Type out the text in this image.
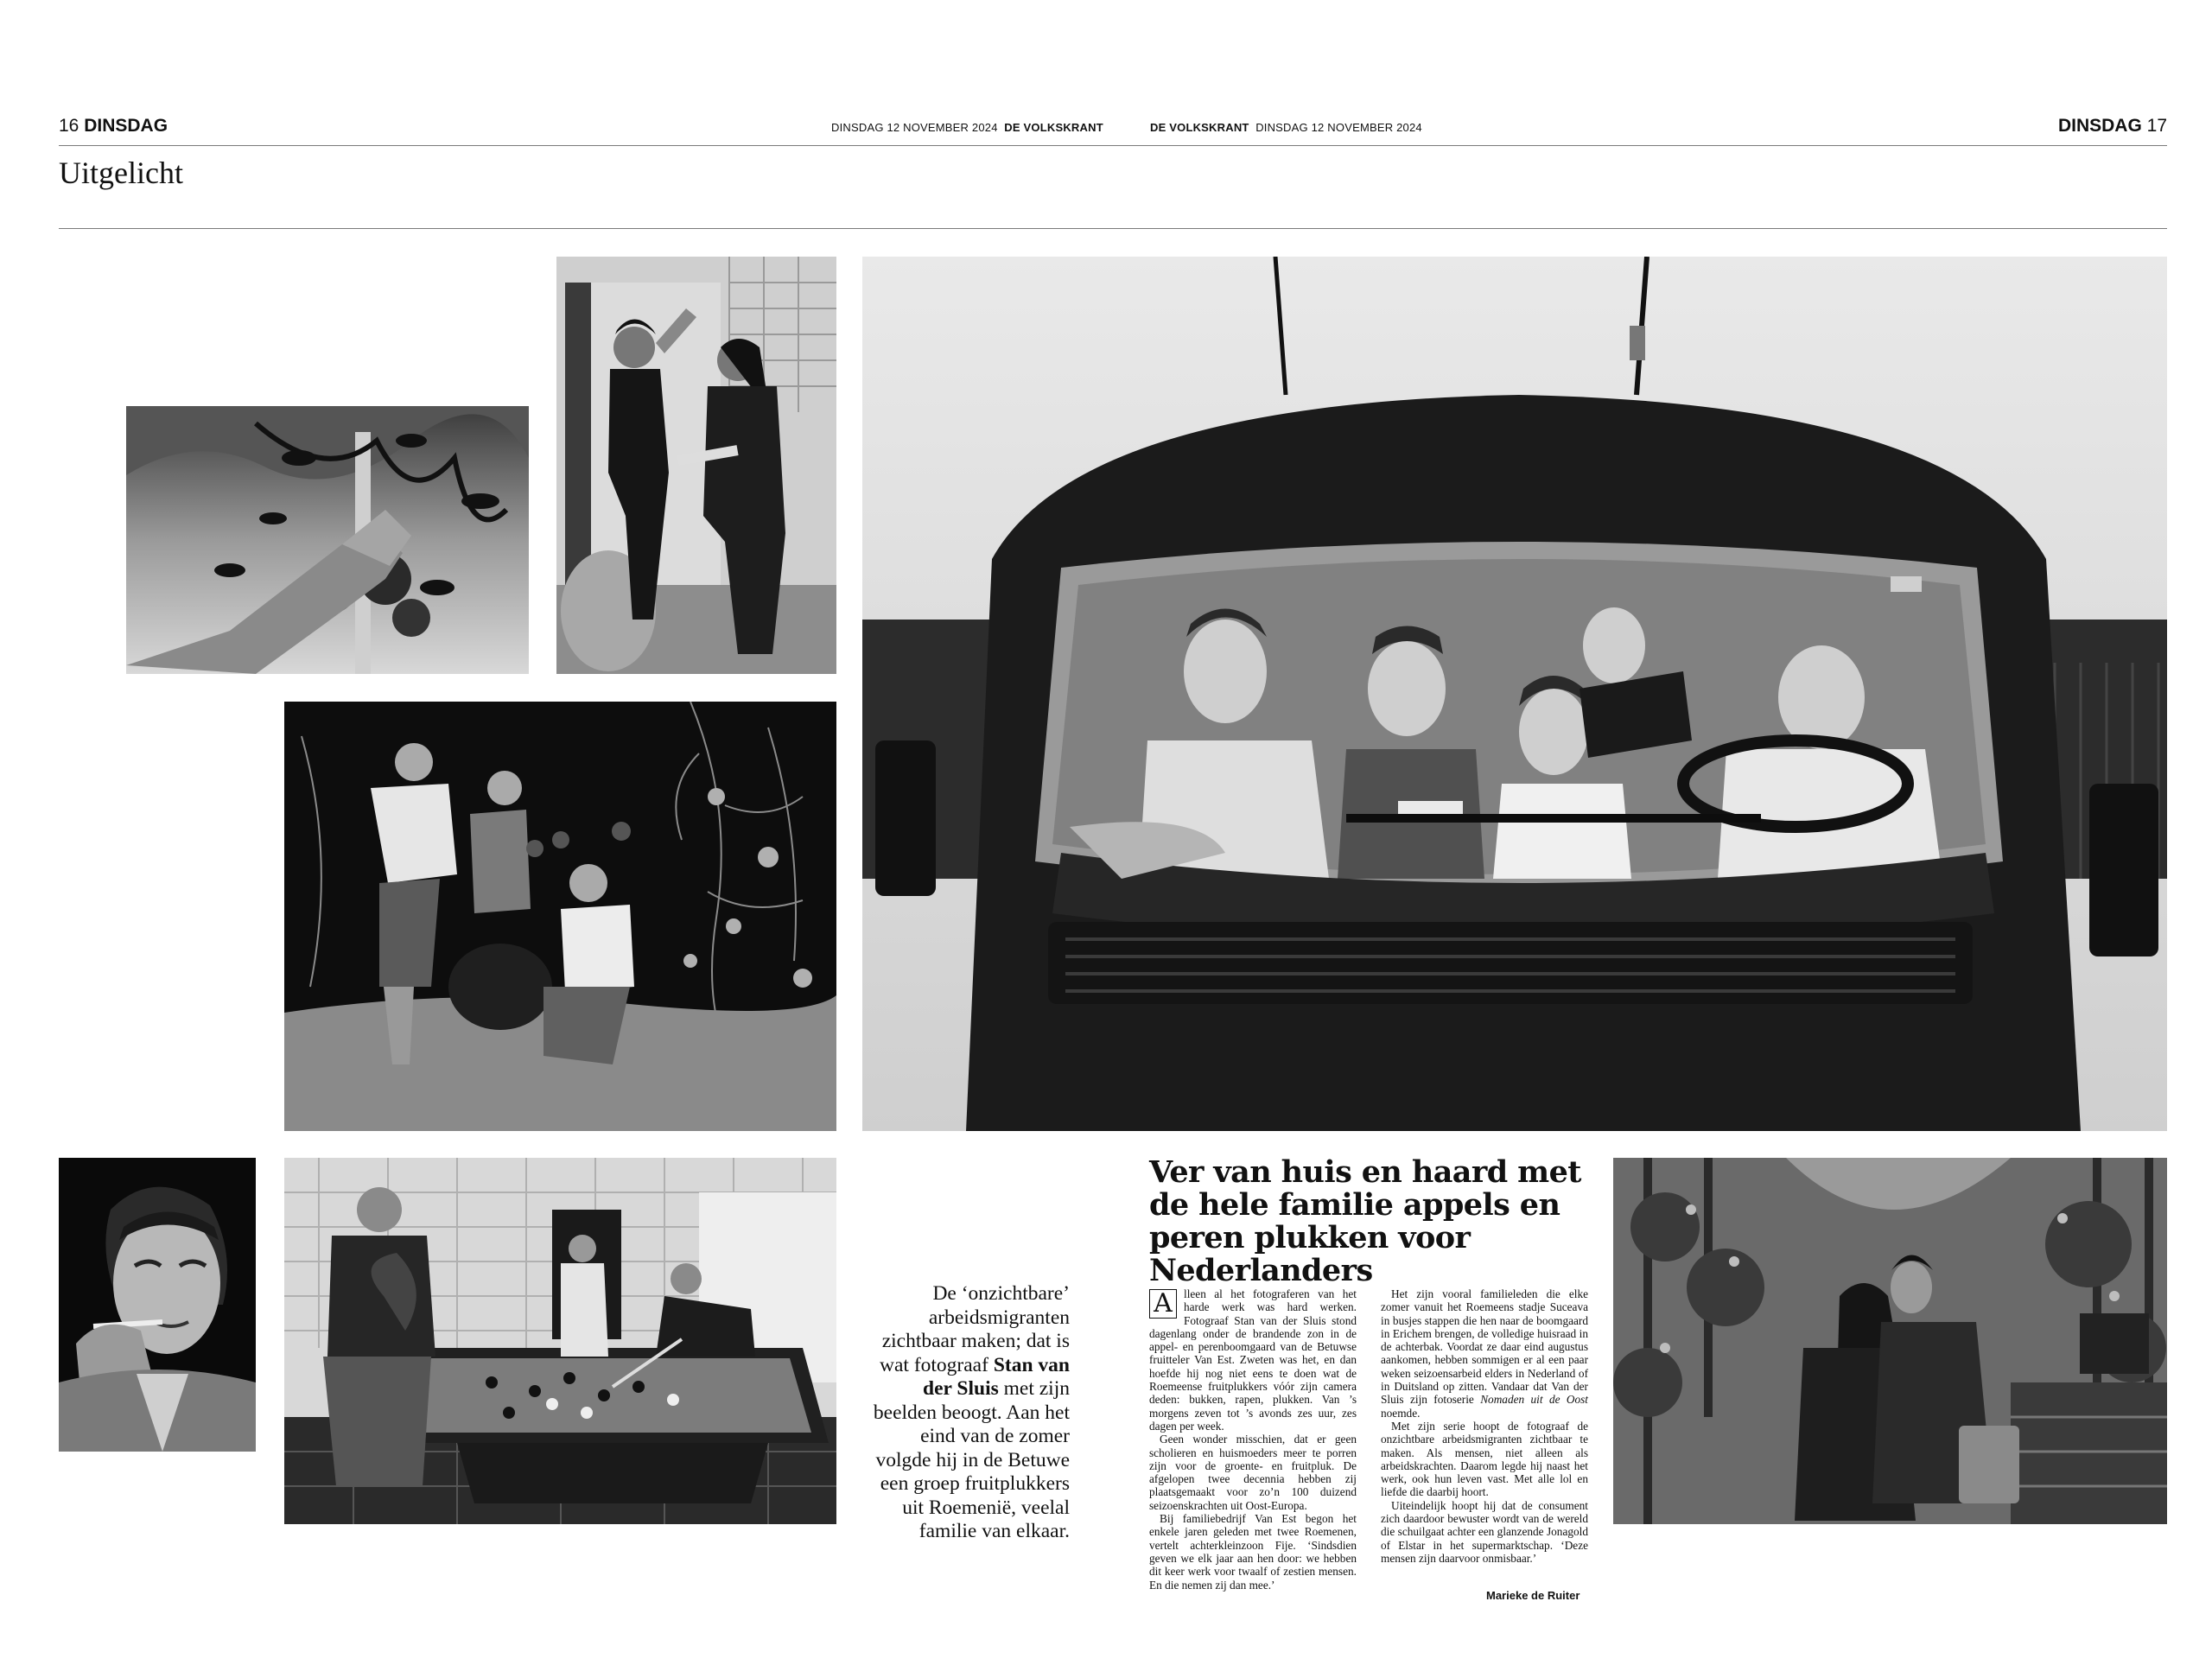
16 DINSDAG	DINSDAG 12 NOVEMBER 2024 DE VOLKSKRANT	DE VOLKSKRANT DINSDAG 12 NOVEMBER 2024	DINSDAG 17
Uitgelicht
De ‘onzichtbare’ arbeidsmigranten zichtbaar maken; dat is wat fotograaf Stan van der Sluis met zijn beelden beoogt. Aan het eind van de zomer volgde hij in de Betuwe een groep fruitplukkers uit Roemenië, veelal familie van elkaar.
Ver van huis en haard met de hele familie appels en peren plukken voor Nederlanders
A lleen al het fotograferen van het harde werk was hard werken. Fotograaf Stan van der Sluis stond dagenlang onder de brandende zon in de appel- en perenboomgaard van de Betuwse fruitteler Van Est. Zweten was het, en dan hoefde hij nog niet eens te doen wat de Roemeense fruitplukkers vóór zijn camera deden: bukken, rapen, plukken. Van ’s morgens zeven tot ’s avonds zes uur, zes dagen per week.

Geen wonder misschien, dat er geen scholieren en huismoeders meer te porren zijn voor de groente- en fruitpluk. De afgelopen twee decennia hebben zij plaatsgemaakt voor zo’n 100 duizend seizoenskrachten uit Oost-Europa.

Bij familiebedrijf Van Est begon het enkele jaren geleden met twee Roemenen, vertelt achterkleinzoon Fije. ‘Sindsdien geven we elk jaar aan hen door: we hebben dit keer werk voor twaalf of zestien mensen. En die nemen zij dan mee.’

Het zijn vooral familieleden die elke zomer vanuit het Roemeens stadje Suceava in busjes stappen die hen naar de boomgaard in Erichem brengen, de volledige huisraad in de achterbak. Voordat ze daar eind augustus aankomen, hebben sommigen er al een paar weken seizoensarbeid elders in Nederland of in Duitsland op zitten. Vandaar dat Van der Sluis zijn fotoserie Nomaden uit de Oost noemde.

Met zijn serie hoopt de fotograaf de onzichtbare arbeidsmigranten zichtbaar te maken. Als mensen, niet alleen als arbeidskrachten. Daarom legde hij naast het werk, ook hun leven vast. Met alle lol en liefde die daarbij hoort.

Uiteindelijk hoopt hij dat de consument zich daardoor bewuster wordt van de wereld die schuilgaat achter een glanzende Jonagold of Elstar in het supermarktschap. ‘Deze mensen zijn daarvoor onmisbaar.’

Marieke de Ruiter
